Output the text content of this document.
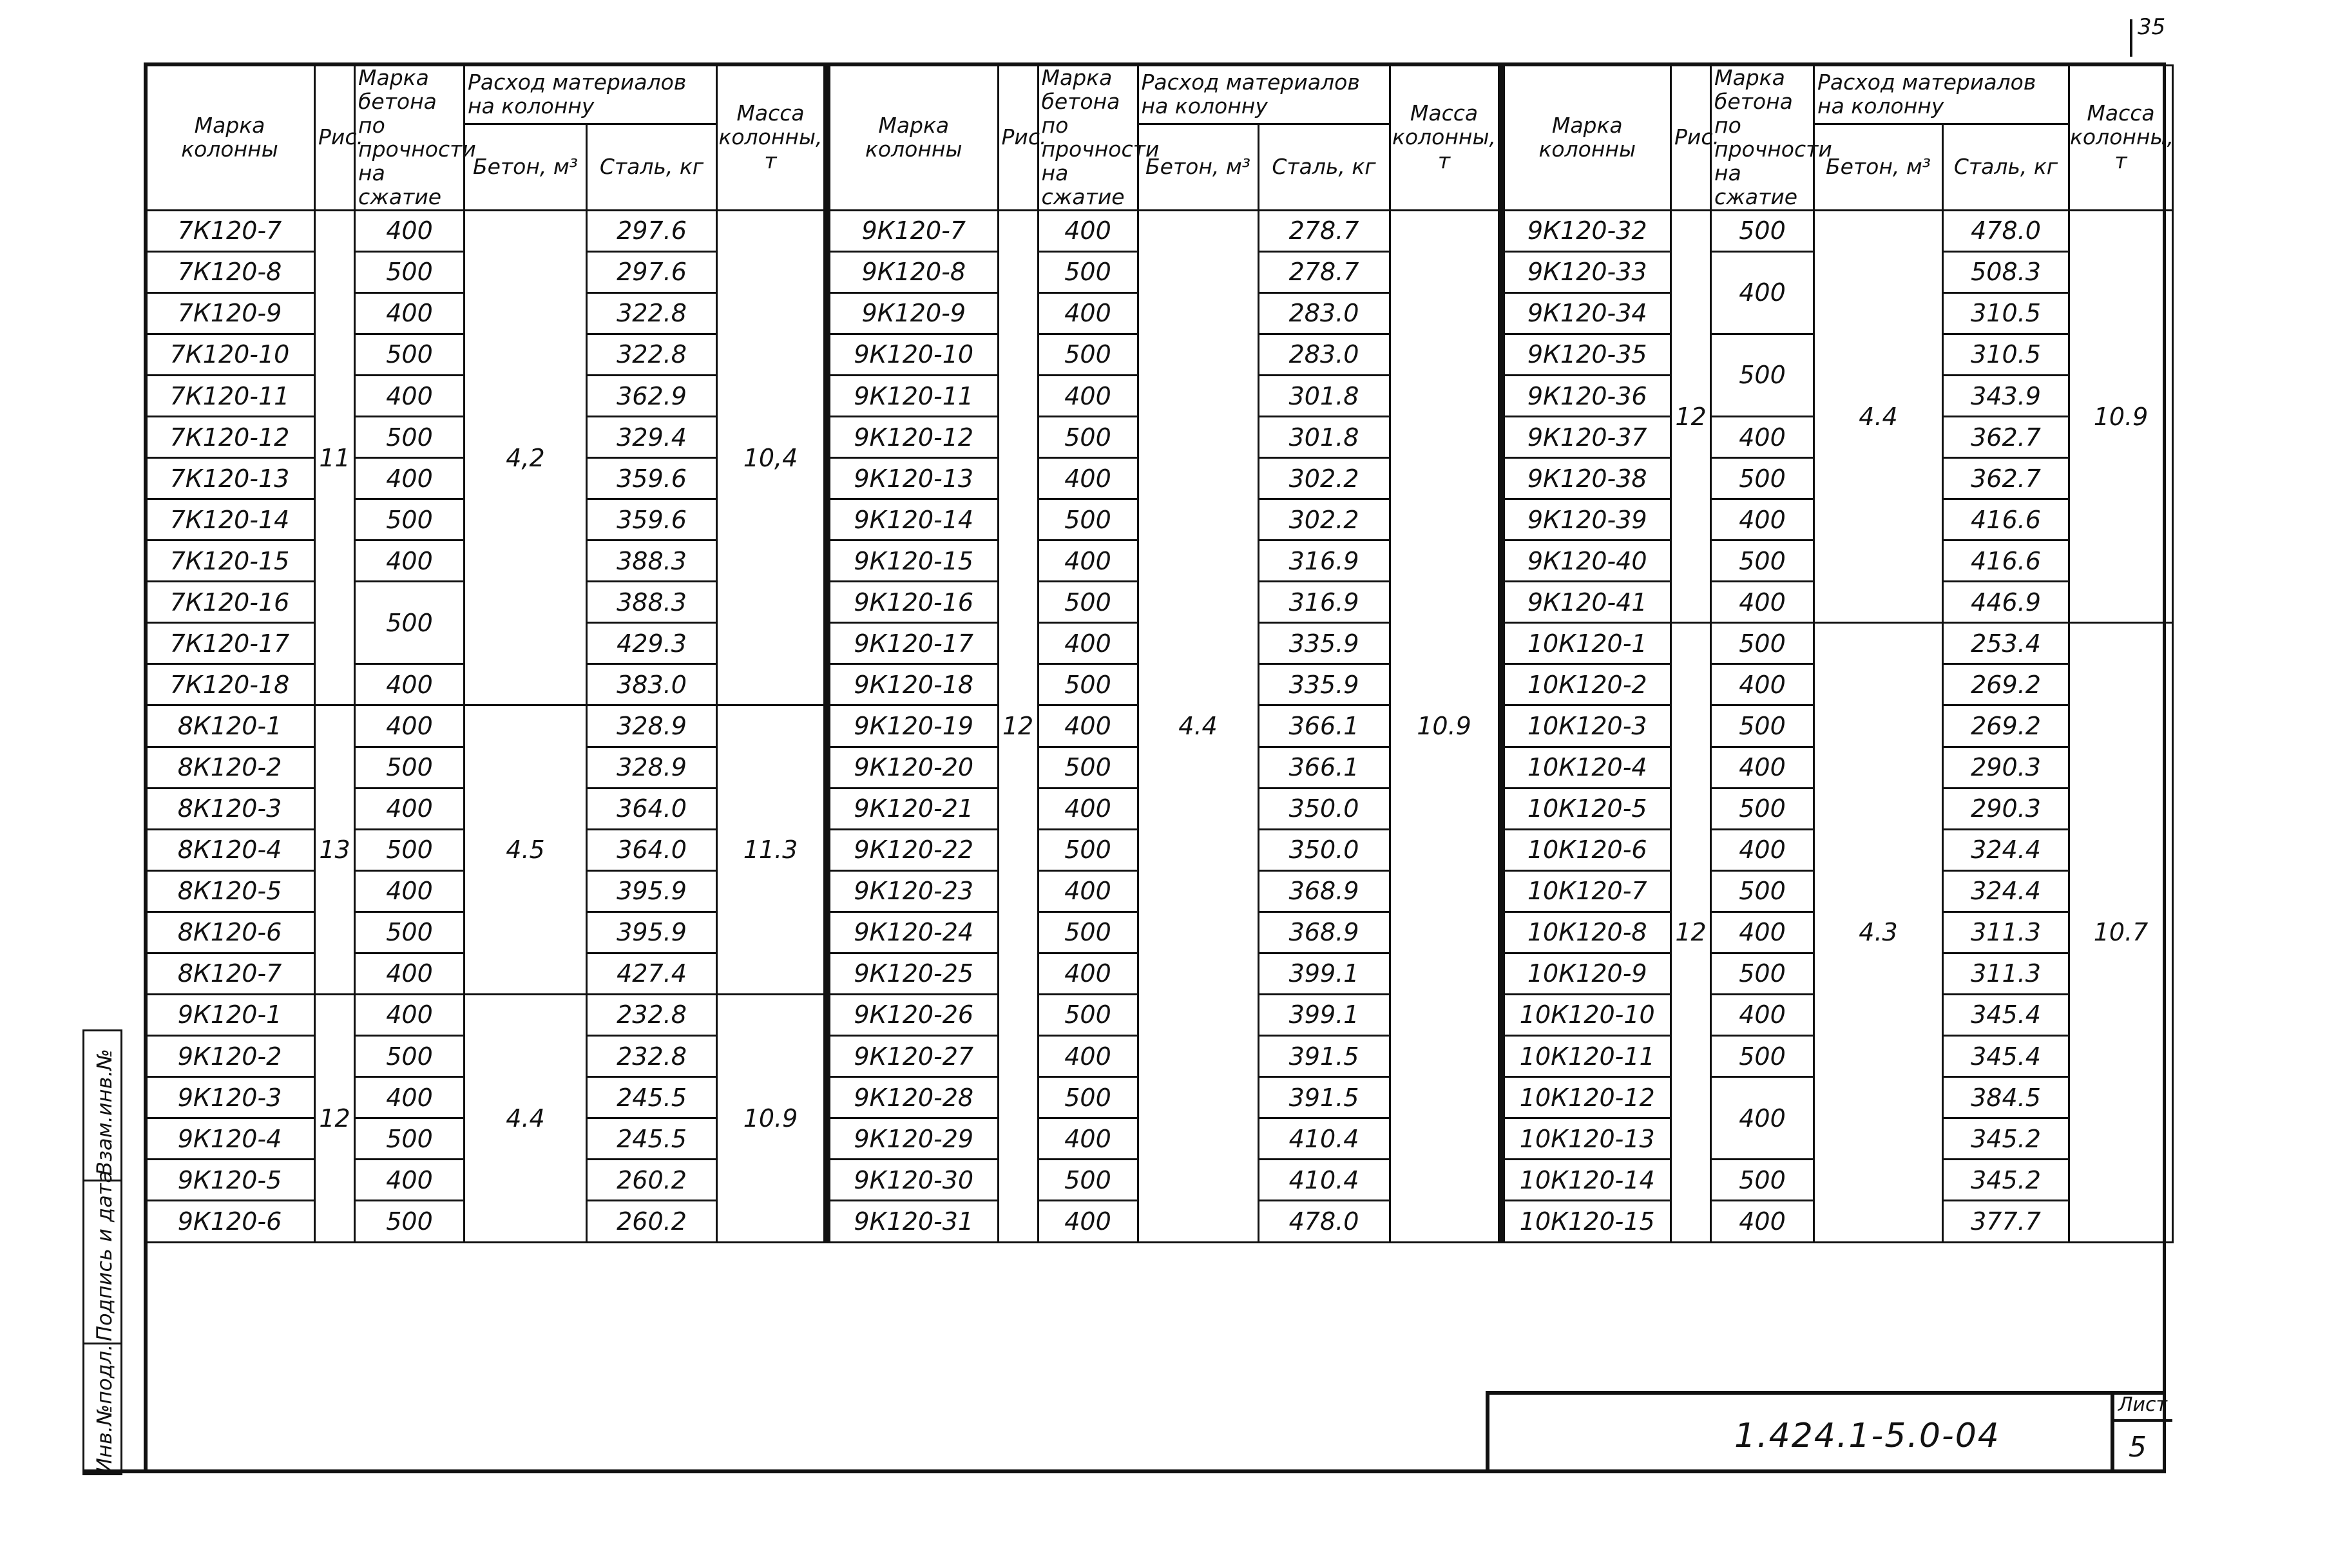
35
Марка колонны	Рис.	Марка бетона по прочности на сжатие	Расход материалов на колонну		Масса колонны, т
			Бетон, м³	Сталь, кг	
7К120-7	11	400	4,2	297.6	10,4
7К120-8		500		297.6	
7К120-9		400		322.8	
7К120-10		500		322.8	
7К120-11		400		362.9	
7К120-12		500		329.4	
7К120-13		400		359.6	
7К120-14		500		359.6	
7К120-15		400		388.3	
7К120-16		500		388.3	
7К120-17				429.3	
7К120-18		400		383.0	
8К120-1	13	400	4.5	328.9	11.3
8К120-2		500		328.9	
8К120-3		400		364.0	
8К120-4		500		364.0	
8К120-5		400		395.9	
8К120-6		500		395.9	
8К120-7		400		427.4	
9К120-1	12	400	4.4	232.8	10.9
9К120-2		500		232.8	
9К120-3		400		245.5	
9К120-4		500		245.5	
9К120-5		400		260.2	
9К120-6		500		260.2	
Марка колонны	Рис.	Марка бетона по прочности на сжатие	Расход материалов на колонну		Масса колонны, т
			Бетон, м³	Сталь, кг	
9К120-7	12	400	4.4	278.7	10.9
9К120-8		500		278.7	
9К120-9		400		283.0	
9К120-10		500		283.0	
9К120-11		400		301.8	
9К120-12		500		301.8	
9К120-13		400		302.2	
9К120-14		500		302.2	
9К120-15		400		316.9	
9К120-16		500		316.9	
9К120-17		400		335.9	
9К120-18		500		335.9	
9К120-19		400		366.1	
9К120-20		500		366.1	
9К120-21		400		350.0	
9К120-22		500		350.0	
9К120-23		400		368.9	
9К120-24		500		368.9	
9К120-25		400		399.1	
9К120-26		500		399.1	
9К120-27		400		391.5	
9К120-28		500		391.5	
9К120-29		400		410.4	
9К120-30		500		410.4	
9К120-31		400		478.0	
Марка колонны	Рис.	Марка бетона по прочности на сжатие	Расход материалов на колонну		Масса колонны, т
			Бетон, м³	Сталь, кг	
9К120-32	12	500	4.4	478.0	10.9
9К120-33		400		508.3	
9К120-34				310.5	
9К120-35		500		310.5	
9К120-36				343.9	
9К120-37		400		362.7	
9К120-38		500		362.7	
9К120-39		400		416.6	
9К120-40		500		416.6	
9К120-41		400		446.9	
10К120-1	12	500	4.3	253.4	10.7
10К120-2		400		269.2	
10К120-3		500		269.2	
10К120-4		400		290.3	
10К120-5		500		290.3	
10К120-6		400		324.4	
10К120-7		500		324.4	
10К120-8		400		311.3	
10К120-9		500		311.3	
10К120-10		400		345.4	
10К120-11		500		345.4	
10К120-12		400		384.5	
10К120-13				345.2	
10К120-14		500		345.2	
10К120-15		400		377.7	
Взам.инв.№
Подпись и дата
Инв.№подл.	1.424.1-5.0-04
Лист
5
